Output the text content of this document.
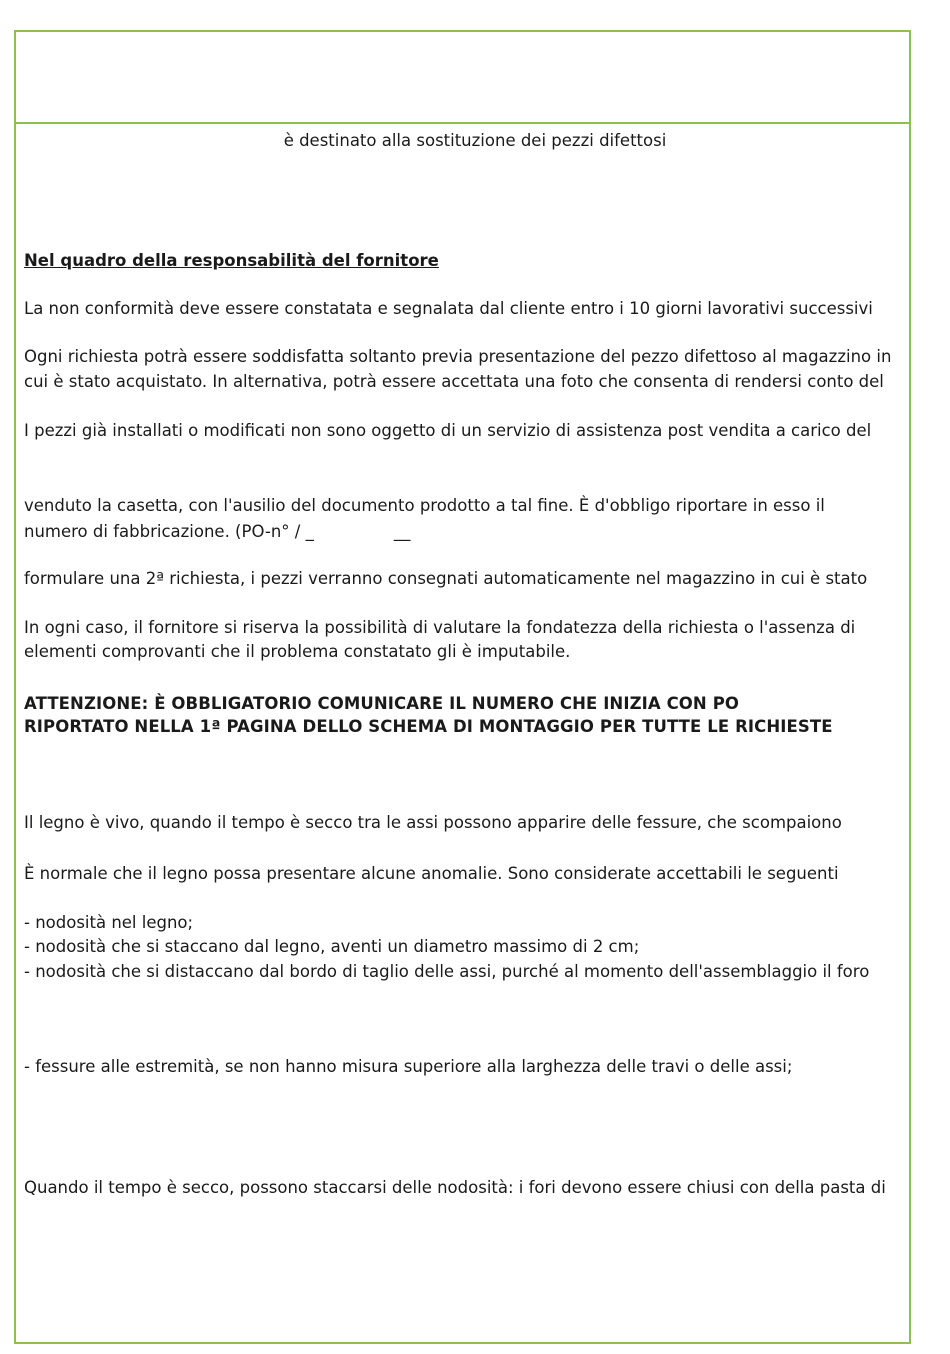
è destinato alla sostituzione dei pezzi difettosi

Nel quadro della responsabilità del fornitore

La non conformità deve essere constatata e segnalata dal cliente entro i 10 giorni lavorativi successivi

Ogni richiesta potrà essere soddisfatta soltanto previa presentazione del pezzo difettoso al magazzino in

cui è stato acquistato. In alternativa, potrà essere accettata una foto che consenta di rendersi conto del

I pezzi già installati o modificati non sono oggetto di un servizio di assistenza post vendita a carico del

venduto la casetta, con l'ausilio del documento prodotto a tal fine. È d'obbligo riportare in esso il

numero di fabbricazione. (PO-n° / _	__

formulare una 2ª richiesta, i pezzi verranno consegnati automaticamente nel magazzino in cui è stato

In ogni caso, il fornitore si riserva la possibilità di valutare la fondatezza della richiesta o l'assenza di

elementi comprovanti che il problema constatato gli è imputabile.

ATTENZIONE: È OBBLIGATORIO COMUNICARE IL NUMERO CHE INIZIA CON PO

RIPORTATO NELLA 1ª PAGINA DELLO SCHEMA DI MONTAGGIO PER TUTTE LE RICHIESTE

Il legno è vivo, quando il tempo è secco tra le assi possono apparire delle fessure, che scompaiono

È normale che il legno possa presentare alcune anomalie. Sono considerate accettabili le seguenti

- nodosità nel legno;

- nodosità che si staccano dal legno, aventi un diametro massimo di 2 cm;

- nodosità che si distaccano dal bordo di taglio delle assi, purché al momento dell'assemblaggio il foro

- fessure alle estremità, se non hanno misura superiore alla larghezza delle travi o delle assi;

Quando il tempo è secco, possono staccarsi delle nodosità: i fori devono essere chiusi con della pasta di
